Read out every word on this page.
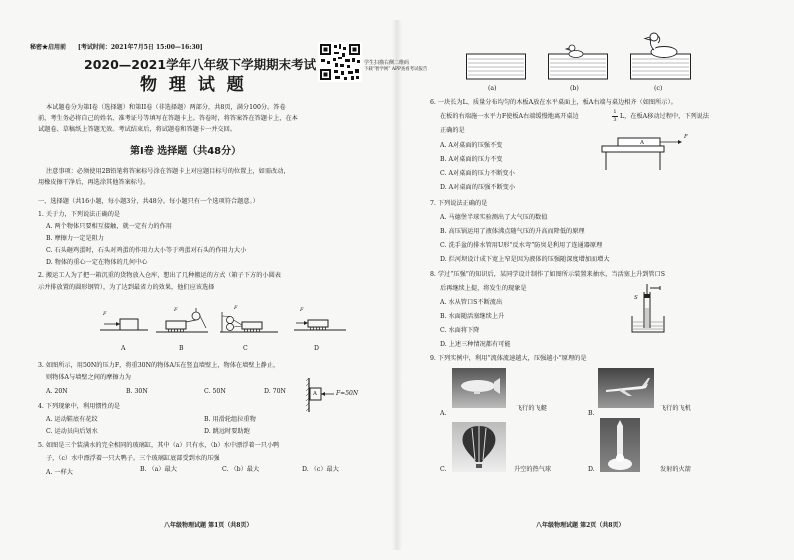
秘密★启用前 [考试时间：2021年7月5日 15:00—16:30]
学生扫描右侧二维码
下载“智学网” APP查看考试报告
2020—2021学年八年级下学期期末考试
物 理 试 题
本试题卷分为第I卷（选择题）和第II卷（非选择题）两部分，共8页，满分100分。答卷
前，考生务必将自己的姓名、准考证号等填写在答题卡上。答卷时，将答案答在答题卡上，在本
试题卷、草稿纸上答题无效。考试结束后，将试题卷和答题卡一并交回。
第I卷 选择题（共48分）
注意事项：必须使用2B铅笔将答案标号涂在答题卡上对应题目标号的位置上，如需改动，
用橡皮擦干净后，再选涂其他答案标号。
一、选择题（共16小题，每小题3分，共48分。每小题只有一个选项符合题意。）
1. 关于力，下列说法正确的是
A. 两个物体只要相互接触，就一定有力的作用
B. 摩擦力一定是阻力
C. 石头砸鸡蛋时，石头对鸡蛋的作用力大小等于鸡蛋对石头的作用力大小
D. 物体的重心一定在物体的几何中心
2. 搬运工人为了把一箱沉重的货物放入仓库，想出了几种搬运的方式（箱子下方的小圆表
示并排放置的圆形钢管），为了达到最省力的效果，他们应该选择
F
F	F	F
A	B	C	D
3. 如图所示，用50N的压力F，将重30N的物体A压在竖直墙壁上，物体在墙壁上静止，
则物体A与墙壁之间的摩擦力为
A. 20N	B. 30N	C. 50N	D. 70N	A	F=50N
4. 下列现象中，利用惯性的是
A. 运动鞋底有花纹	B. 用滑轮组拉重物
C. 运动员向后划水	D. 跳远时要助跑
5. 如图是三个装满水的完全相同的玻璃缸，其中（a）只有水，（b）水中漂浮着一只小鸭
子，（c）水中漂浮着一只大鸭子。三个玻璃缸底部受到水的压强
A. 一样大	B. （a）最大	C. （b）最大	D. （c）最大
八年级物理试题 第1页（共8页）
(a)	(b)	(c)
6. 一块长为L、质量分布均匀的木板A放在水平桌面上，板A右端与桌边相齐（如图所示）。
在板的右端施一水平力F使板A右端缓慢地离开桌边
1
3 L，在板A移动过程中，下列说法
正确的是
A. A对桌面的压强不变
B. A对桌面的压力不变
C. A对桌面的压力不断变小
D. A对桌面的压强不断变小
A
F
7. 下列说法正确的是
A. 马德堡半球实验测出了大气压的数值
B. 高压锅运用了液体沸点随气压的升高而降低的原理
C. 洗手盆的排水管用U形“反水弯”防臭是利用了连通器原理
D. 拦河坝设计成下宽上窄是因为液体的压强随深度增加而增大
8. 学过“压强”的知识后，某同学设计制作了如图所示装置来抽水，当活塞上升到管口S
后再继续上提，将发生的现象是
A. 水从管口S不断流出
B. 水面随活塞继续上升
C. 水面将下降
D. 上述三种情况都有可能
S
9. 下列实例中，利用“流体流速越大，压强越小”原理的是
A.
飞行的飞艇
B.
飞行的飞机
C.	升空的热气球	D.	发射的火箭
八年级物理试题 第2页（共8页）
